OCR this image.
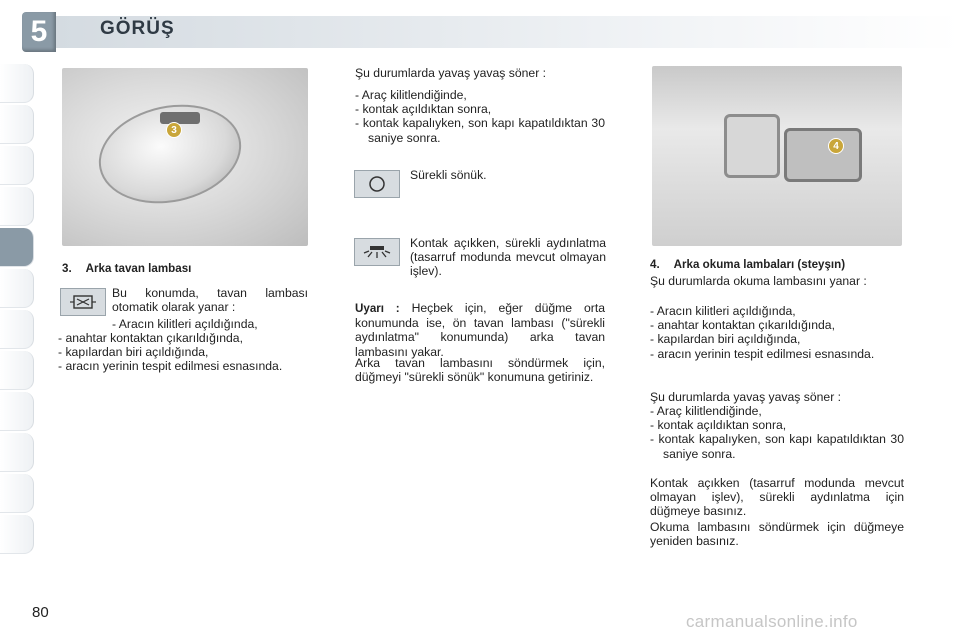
5	GÖRÜŞ
3
3. Arka tavan lambası

Bu konumda, tavan lambası

otomatik olarak yanar :

- Aracın kilitleri açıldığında,

- anahtar kontaktan çıkarıldığında,

- kapılardan biri açıldığında,

- aracın yerinin tespit edilmesi esnasında.

Şu durumlarda yavaş yavaş söner :

- Araç kilitlendiğinde,

- kontak açıldıktan sonra,

- kontak kapalıyken, son kapı kapatıldıktan 30 saniye sonra.

Sürekli sönük.

Kontak açıkken, sürekli aydınlatma (tasarruf modunda mevcut olmayan işlev).

Uyarı : Heçbek için, eğer düğme orta konumunda ise, ön tavan lambası ("sürekli aydınlatma" konumunda) arka tavan lambasını yakar.

Arka tavan lambasını söndürmek için, düğmeyi "sürekli sönük" konumuna getiriniz.

4
4. Arka okuma lambaları (steyşın)

Şu durumlarda okuma lambasını yanar :

- Aracın kilitleri açıldığında,

- anahtar kontaktan çıkarıldığında,

- kapılardan biri açıldığında,

- aracın yerinin tespit edilmesi esnasında.

Şu durumlarda yavaş yavaş söner :

- Araç kilitlendiğinde,

- kontak açıldıktan sonra,

- kontak kapalıyken, son kapı kapatıldıktan 30 saniye sonra.

Kontak açıkken (tasarruf modunda mevcut olmayan işlev), sürekli aydınlatma için düğmeye basınız.

Okuma lambasını söndürmek için düğmeye yeniden basınız.

80	carmanualsonline.info
